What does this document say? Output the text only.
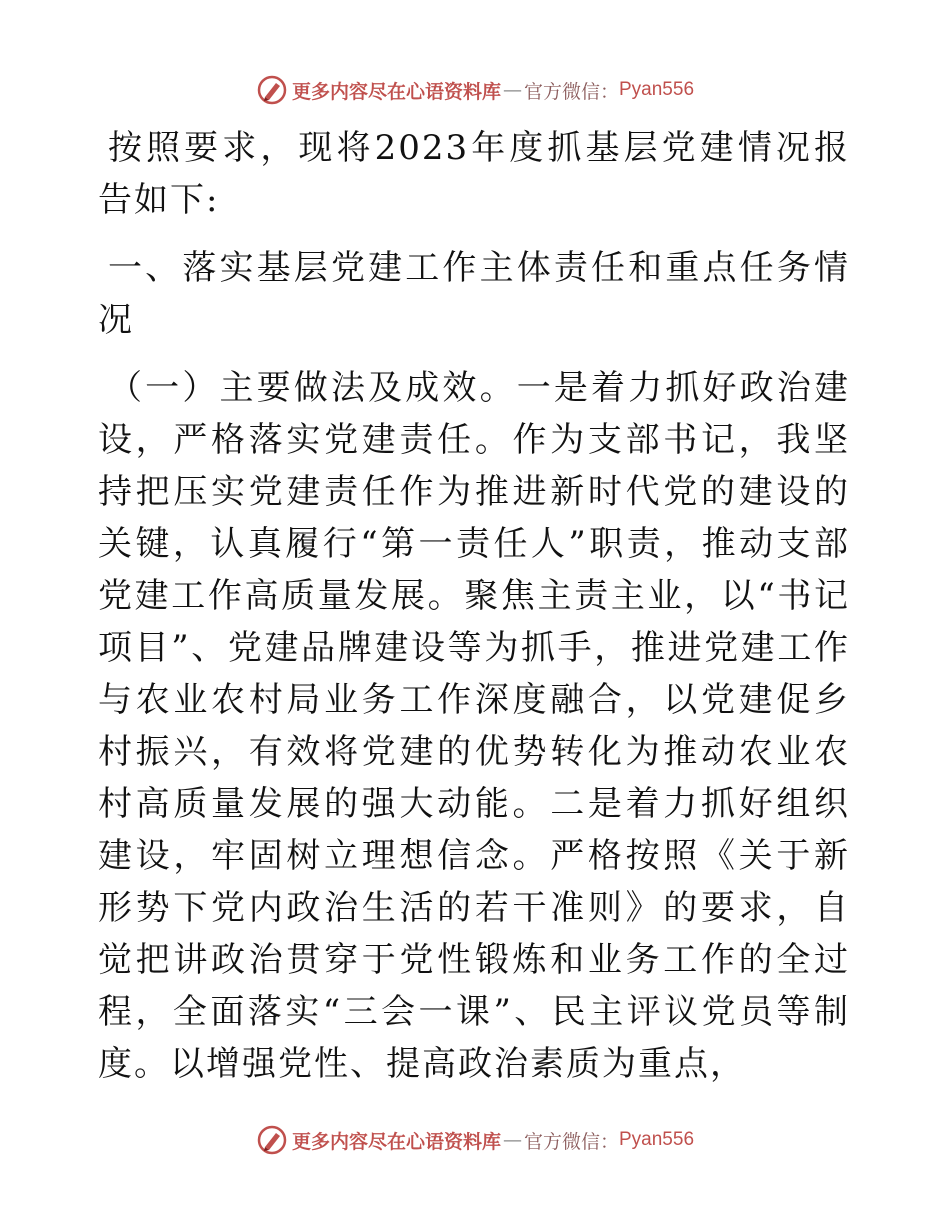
更多内容尽在心语资料库 — 官方微信： Pyan556

按照要求，现将2023年度抓基层党建情况报告如下:

一、落实基层党建工作主体责任和重点任务情况

（一）主要做法及成效。一是着力抓好政治建设，严格落实党建责任。作为支部书记，我坚持把压实党建责任作为推进新时代党的建设的关键，认真履行“第一责任人”职责，推动支部党建工作高质量发展。聚焦主责主业，以“书记项目”、党建品牌建设等为抓手，推进党建工作与农业农村局业务工作深度融合，以党建促乡村振兴，有效将党建的优势转化为推动农业农村高质量发展的强大动能。二是着力抓好组织建设，牢固树立理想信念。严格按照《关于新形势下党内政治生活的若干准则》的要求，自觉把讲政治贯穿于党性锻炼和业务工作的全过程，全面落实“三会一课”、民主评议党员等制度。以增强党性、提高政治素质为重点，

更多内容尽在心语资料库 — 官方微信： Pyan556
